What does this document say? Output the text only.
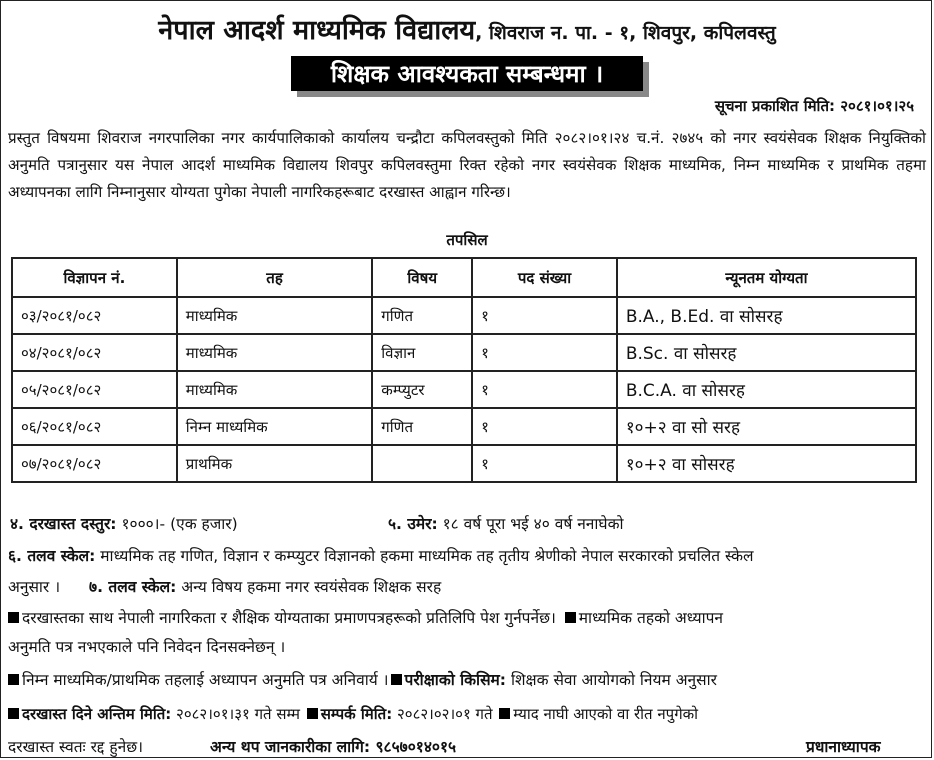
नेपाल आदर्श माध्यमिक विद्यालय, शिवराज न. पा. - १, शिवपुर, कपिलवस्तु
शिक्षक आवश्यकता सम्बन्धमा ।
सूचना प्रकाशित मिति: २०८१।०१।२५
प्रस्तुत विषयमा शिवराज नगरपालिका नगर कार्यपालिकाको कार्यालय चन्द्रौटा कपिलवस्तुको मिति २०८२।०१।२४ च.नं. २७४५ को नगर स्वयंसेवक शिक्षक नियुक्तिको अनुमति पत्रानुसार यस नेपाल आदर्श माध्यमिक विद्यालय शिवपुर कपिलवस्तुमा रिक्त रहेको नगर स्वयंसेवक शिक्षक माध्यमिक, निम्न माध्यमिक र प्राथमिक तहमा अध्यापनका लागि निम्नानुसार योग्यता पुगेका नेपाली नागरिकहरूबाट दरखास्त आह्वान गरिन्छ।
तपसिल
विज्ञापन नं.	तह	विषय	पद संख्या	न्यूनतम योग्यता
०३/२०८१/०८२	माध्यमिक	गणित	१	B.A., B.Ed. वा सोसरह
०४/२०८१/०८२	माध्यमिक	विज्ञान	१	B.Sc. वा सोसरह
०५/२०८१/०८२	माध्यमिक	कम्प्युटर	१	B.C.A. वा सोसरह
०६/२०८१/०८२	निम्न माध्यमिक	गणित	१	१०+२ वा सो सरह
०७/२०८१/०८२	प्राथमिक		१	१०+२ वा सोसरह
४. दरखास्त दस्तुर: १०००।- (एक हजार)	५. उमेर: १८ वर्ष पूरा भई ४० वर्ष ननाघेको
६. तलव स्केल: माध्यमिक तह गणित, विज्ञान र कम्प्युटर विज्ञानको हकमा माध्यमिक तह तृतीय श्रेणीको नेपाल सरकारको प्रचलित स्केल
अनुसार । ७. तलव स्केल: अन्य विषय हकमा नगर स्वयंसेवक शिक्षक सरह
दरखास्तका साथ नेपाली नागरिकता र शैक्षिक योग्यताका प्रमाणपत्रहरूको प्रतिलिपि पेश गुर्नपर्नेछ। माध्यमिक तहको अध्यापन
अनुमति पत्र नभएकाले पनि निवेदन दिनसक्नेछन् ।
निम्न माध्यमिक/प्राथमिक तहलाई अध्यापन अनुमति पत्र अनिवार्य । परीक्षाको किसिम: शिक्षक सेवा आयोगको नियम अनुसार
दरखास्त दिने अन्तिम मिति: २०८२।०१।३१ गते सम्म सम्पर्क मिति: २०८२।०२।०१ गते म्याद नाघी आएको वा रीत नपुगेको
दरखास्त स्वतः रद्द हुनेछ।	अन्य थप जानकारीका लागि: ९८५७०१४०१५	प्रधानाध्यापक
